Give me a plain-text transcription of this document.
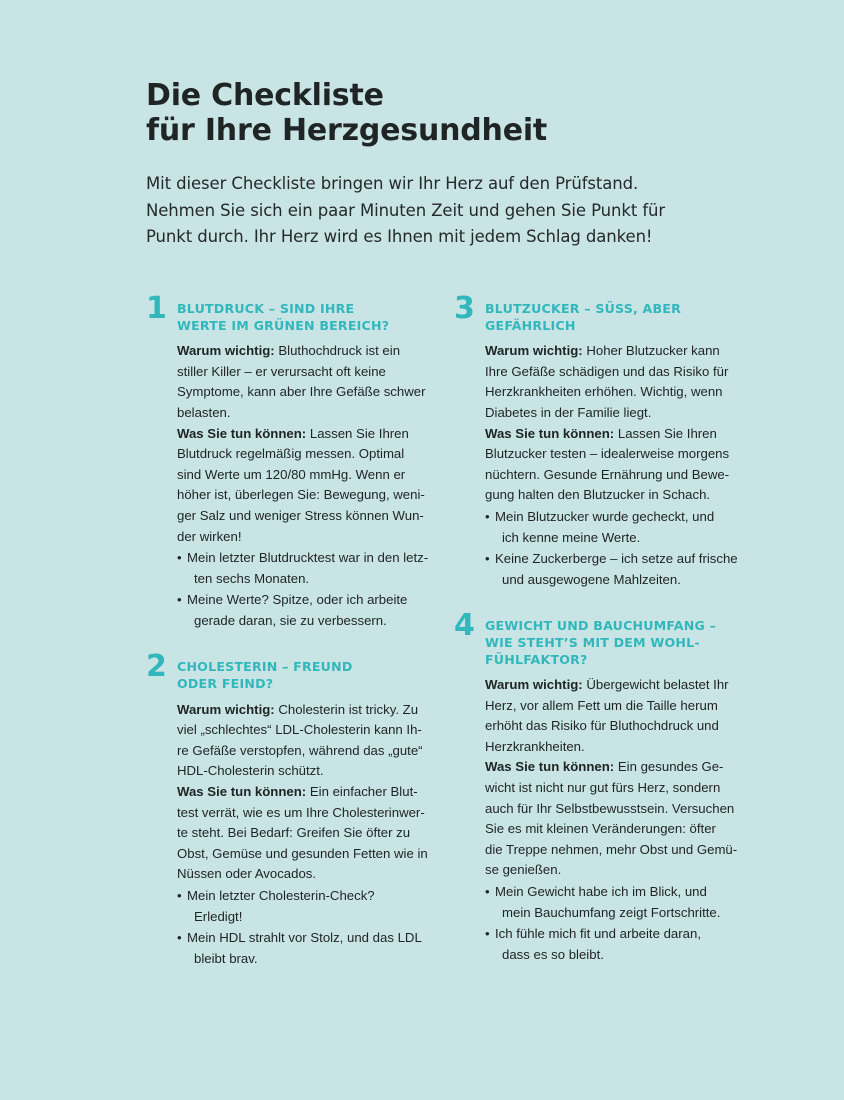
Die Checkliste
für Ihre Herzgesundheit

Mit dieser Checkliste bringen wir Ihr Herz auf den Prüfstand.
Nehmen Sie sich ein paar Minuten Zeit und gehen Sie Punkt für
Punkt durch. Ihr Herz wird es Ihnen mit jedem Schlag danken!

1 BLUTDRUCK – SIND IHRE
WERTE IM GRÜNEN BEREICH?

Warum wichtig: Bluthochdruck ist ein
stiller Killer – er verursacht oft keine
Symptome, kann aber Ihre Gefäße schwer
belasten.

Was Sie tun können: Lassen Sie Ihren
Blutdruck regelmäßig messen. Optimal
sind Werte um 120/80 mmHg. Wenn er
höher ist, überlegen Sie: Bewegung, weni-
ger Salz und weniger Stress können Wun-
der wirken!

• Mein letzter Blutdrucktest war in den letz-
ten sechs Monaten.
• Meine Werte? Spitze, oder ich arbeite
gerade daran, sie zu verbessern.
2 CHOLESTERIN – FREUND
ODER FEIND?

Warum wichtig: Cholesterin ist tricky. Zu
viel „schlechtes“ LDL-Cholesterin kann Ih-
re Gefäße verstopfen, während das „gute“
HDL-Cholesterin schützt.

Was Sie tun können: Ein einfacher Blut-
test verrät, wie es um Ihre Cholesterinwer-
te steht. Bei Bedarf: Greifen Sie öfter zu
Obst, Gemüse und gesunden Fetten wie in
Nüssen oder Avocados.

• Mein letzter Cholesterin-Check?
Erledigt!
• Mein HDL strahlt vor Stolz, und das LDL
bleibt brav.
3 BLUTZUCKER – SÜSS, ABER
GEFÄHRLICH

Warum wichtig: Hoher Blutzucker kann
Ihre Gefäße schädigen und das Risiko für
Herzkrankheiten erhöhen. Wichtig, wenn
Diabetes in der Familie liegt.

Was Sie tun können: Lassen Sie Ihren
Blutzucker testen – idealerweise morgens
nüchtern. Gesunde Ernährung und Bewe-
gung halten den Blutzucker in Schach.

• Mein Blutzucker wurde gecheckt, und
ich kenne meine Werte.
• Keine Zuckerberge – ich setze auf frische
und ausgewogene Mahlzeiten.
4 GEWICHT UND BAUCHUMFANG –
WIE STEHT’S MIT DEM WOHL-
FÜHLFAKTOR?

Warum wichtig: Übergewicht belastet Ihr
Herz, vor allem Fett um die Taille herum
erhöht das Risiko für Bluthochdruck und
Herzkrankheiten.

Was Sie tun können: Ein gesundes Ge-
wicht ist nicht nur gut fürs Herz, sondern
auch für Ihr Selbstbewusstsein. Versuchen
Sie es mit kleinen Veränderungen: öfter
die Treppe nehmen, mehr Obst und Gemü-
se genießen.

• Mein Gewicht habe ich im Blick, und
mein Bauchumfang zeigt Fortschritte.
• Ich fühle mich fit und arbeite daran,
dass es so bleibt.
